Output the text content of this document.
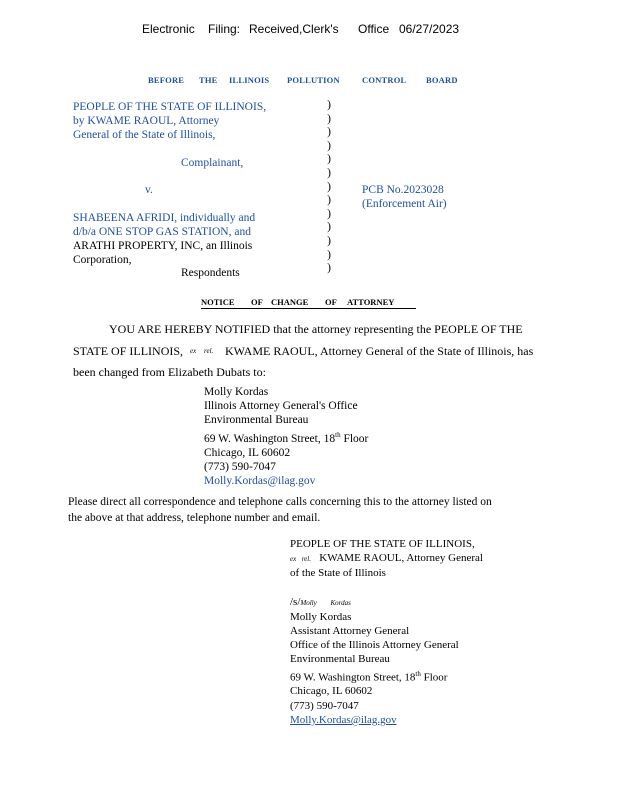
Electronic Filing: Received,Clerk's Office 06/27/2023
BEFORE THE ILLINOIS POLLUTION	CONTROL BOARD
PEOPLE OF THE STATE OF ILLINOIS,
by KWAME RAOUL, Attorney
General of the State of Illinois,
Complainant,
v.
)
)
)
)
)
)
)
)
)
)
)
)
)
PCB No.2023028
(Enforcement Air)
SHABEENA AFRIDI, individually and
d/b/a ONE STOP GAS STATION, and
ARATHI PROPERTY, INC, an Illinois
Corporation,
Respondents
NOTICE OF CHANGE OF ATTORNEY
YOU ARE HEREBY NOTIFIED that the attorney representing the PEOPLE OF THE
STATE OF ILLINOIS, ex rel. KWAME RAOUL, Attorney General of the State of Illinois, has
been changed from Elizabeth Dubats to:
Molly Kordas
Illinois Attorney General's Office
Environmental Bureau
69 W. Washington Street, 18th Floor
Chicago, IL 60602
(773) 590-7047
Molly.Kordas@ilag.gov
Please direct all correspondence and telephone calls concerning this to the attorney listed on
the above at that address, telephone number and email.
PEOPLE OF THE STATE OF ILLINOIS,
ex rel. KWAME RAOUL, Attorney General
of the State of Illinois
/s/Molly Kordas
Molly Kordas
Assistant Attorney General
Office of the Illinois Attorney General
Environmental Bureau
69 W. Washington Street, 18th Floor
Chicago, IL 60602
(773) 590-7047
Molly.Kordas@ilag.gov
